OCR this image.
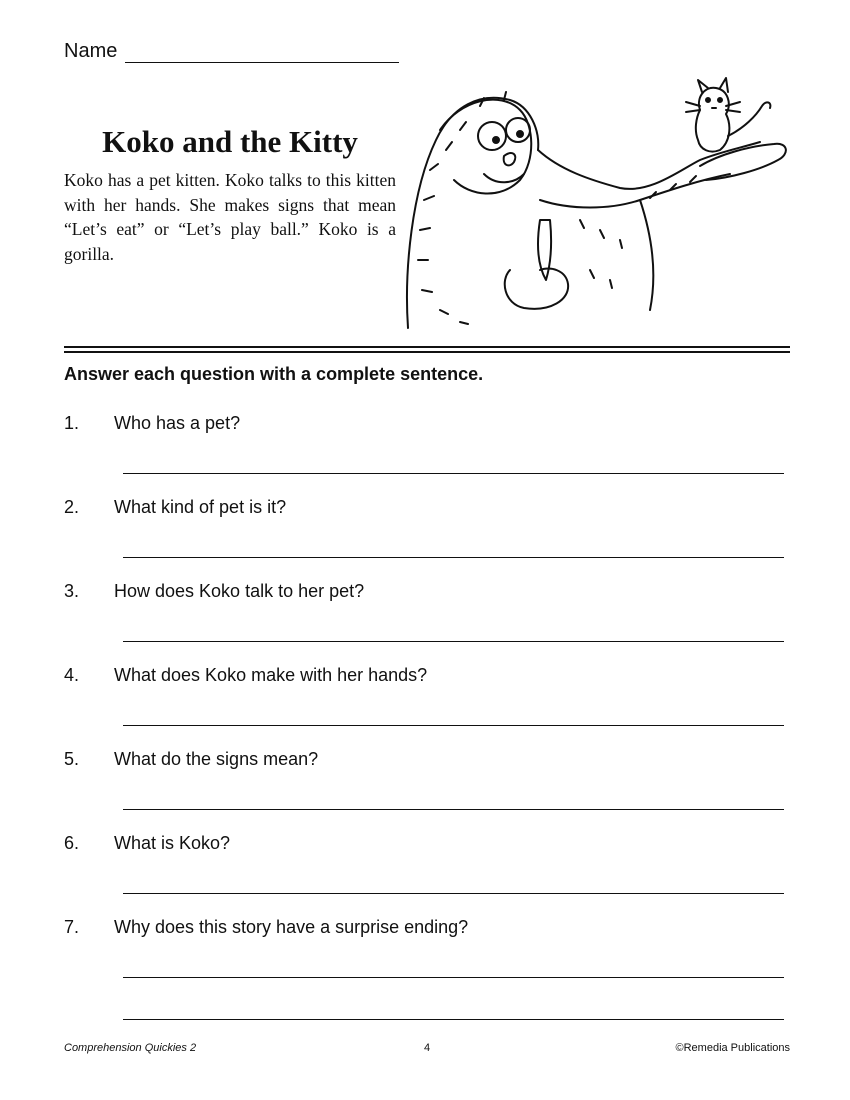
Name
Koko and the Kitty

Koko has a pet kitten. Koko talks to this kitten with her hands. She makes signs that mean “Let’s eat” or “Let’s play ball.” Koko is a gorilla.

Answer each question with a complete sentence.

1. Who has a pet?
2. What kind of pet is it?
3. How does Koko talk to her pet?
4. What does Koko make with her hands?
5. What do the signs mean?
6. What is Koko?
7. Why does this story have a surprise ending?
Comprehension Quickies 2	4	©Remedia Publications
